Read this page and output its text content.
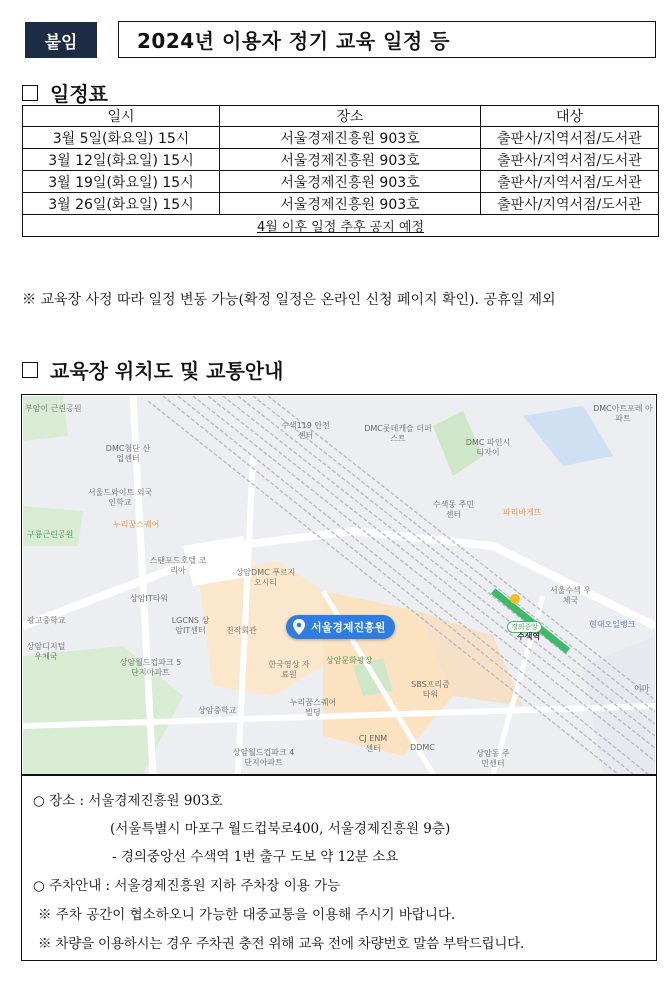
붙임	2024년 이용자 정기 교육 일정 등
일정표
일시	장소	대상
3월 5일(화요일) 15시	서울경제진흥원 903호	출판사/지역서점/도서관
3월 12일(화요일) 15시	서울경제진흥원 903호	출판사/지역서점/도서관
3월 19일(화요일) 15시	서울경제진흥원 903호	출판사/지역서점/도서관
3월 26일(화요일) 15시	서울경제진흥원 903호	출판사/지역서점/도서관
4월 이후 일정 추후 공지 예정		
※ 교육장 사정 따라 일정 변동 가능(확정 일정은 온라인 신청 페이지 확인). 공휴일 제외
교육장 위치도 및 교통안내
부암이 근린공원
수색119 안전센터
DMC롯데캐슬 더퍼스트	DMC 파인시티자이
DMC아트포레 아파트
DMC첨단 산업센터
서울드와이트 외국인학교
누리꿈스퀘어
구룡근린공원
수색동 주민센터	파리바게뜨
스탠포드호텔 코리아	상암DMC 푸르지오시티
상암IT타워
서울수색 우체국
LGCNS 상암IT센터	진작회관
현대오일뱅크
광고중학교
상암디지털 우체국
한국영상 자료원
상암문화광장
상암월드컵파크 5단지아파트
SBS프리즘 타워
상암중학교
누리꿈스퀘어 빌딩
CJ ENM센터	DDMC
상암동 주민센터
상암월드컵파크 4단지아파트
이마
경의중앙
수색역
서울경제진흥원
○ 장소 : 서울경제진흥원 903호
(서울특별시 마포구 월드컵북로400, 서울경제진흥원 9층)
- 경의중앙선 수색역 1번 출구 도보 약 12분 소요
○ 주차안내 : 서울경제진흥원 지하 주차장 이용 가능
※ 주차 공간이 협소하오니 가능한 대중교통을 이용해 주시기 바랍니다.
※ 차량을 이용하시는 경우 주차권 충전 위해 교육 전에 차량번호 말씀 부탁드립니다.
